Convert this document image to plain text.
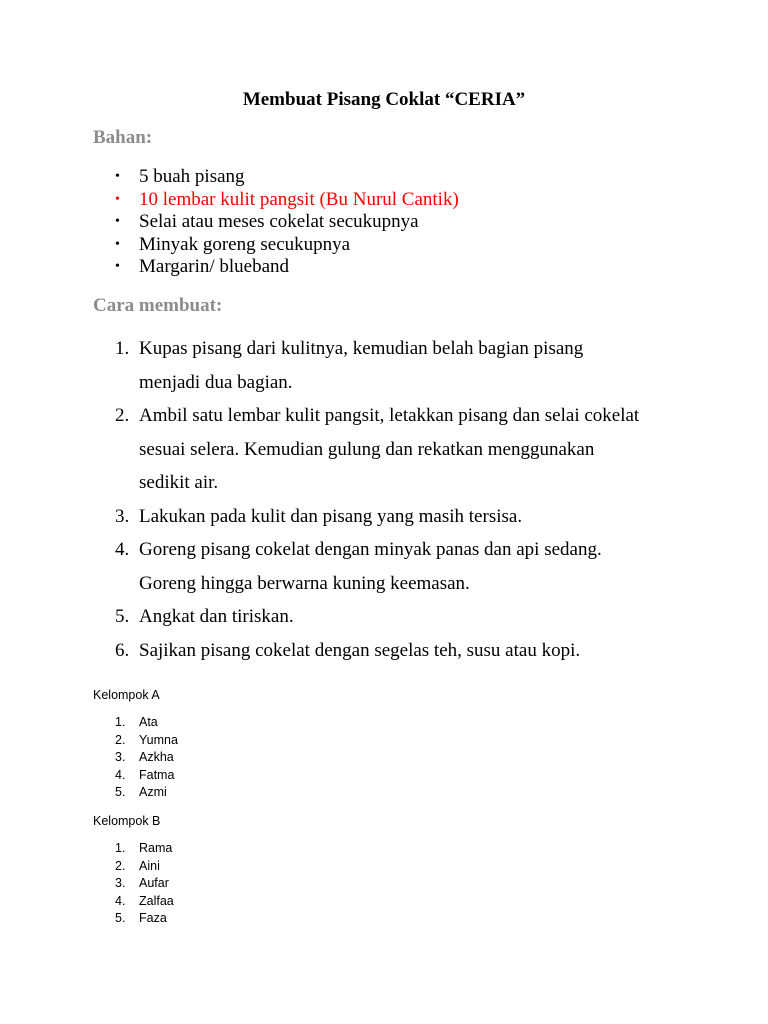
Membuat Pisang Coklat “CERIA”
Bahan:
• 5 buah pisang
• 10 lembar kulit pangsit (Bu Nurul Cantik)
• Selai atau meses cokelat secukupnya
• Minyak goreng secukupnya
• Margarin/ blueband
Cara membuat:
1. Kupas pisang dari kulitnya, kemudian belah bagian pisang menjadi dua bagian.
2. Ambil satu lembar kulit pangsit, letakkan pisang dan selai cokelat sesuai selera. Kemudian gulung dan rekatkan menggunakan sedikit air.
3. Lakukan pada kulit dan pisang yang masih tersisa.
4. Goreng pisang cokelat dengan minyak panas dan api sedang. Goreng hingga berwarna kuning keemasan.
5. Angkat dan tiriskan.
6. Sajikan pisang cokelat dengan segelas teh, susu atau kopi.

Kelompok A

1. Ata
2. Yumna
3. Azkha
4. Fatma
5. Azmi

Kelompok B

1. Rama
2. Aini
3. Aufar
4. Zalfaa
5. Faza
